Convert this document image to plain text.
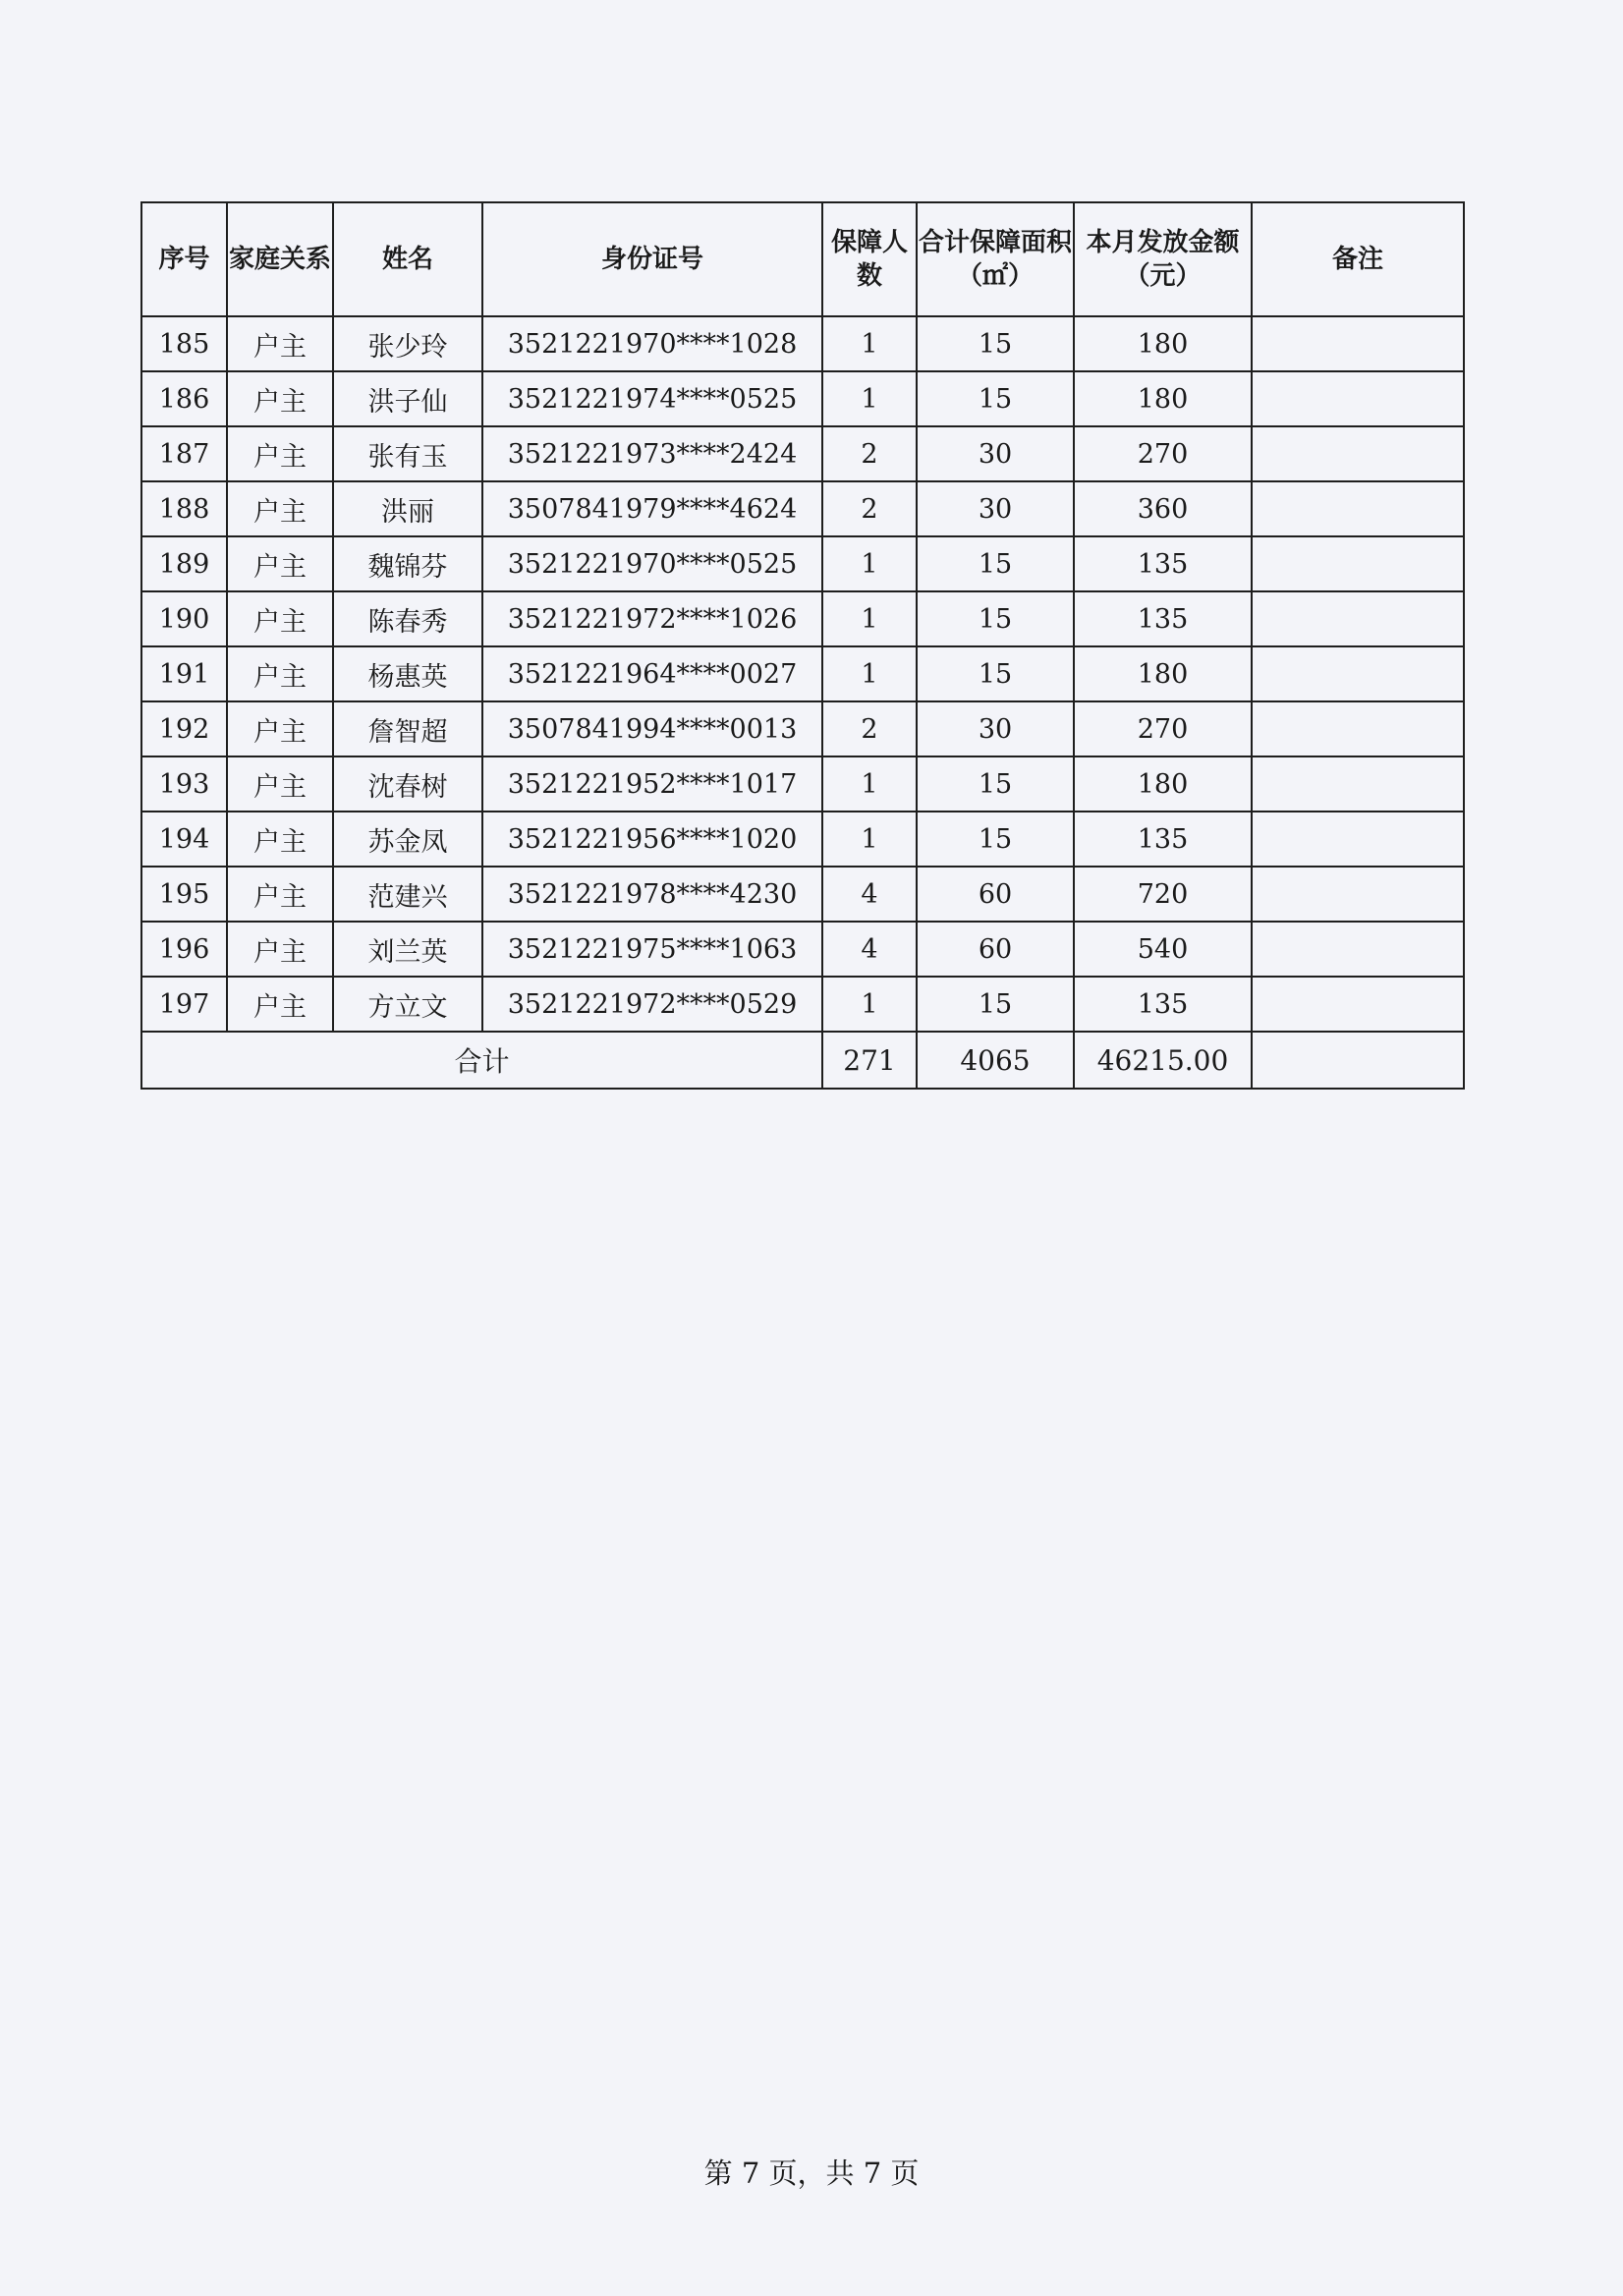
序号	家庭关系	姓名	身份证号	保障人数	合计保障面积（㎡）	本月发放金额（元）	备注
185	户主	张少玲	3521221970****1028	1	15	180	
186	户主	洪子仙	3521221974****0525	1	15	180	
187	户主	张有玉	3521221973****2424	2	30	270	
188	户主	洪丽	3507841979****4624	2	30	360	
189	户主	魏锦芬	3521221970****0525	1	15	135	
190	户主	陈春秀	3521221972****1026	1	15	135	
191	户主	杨惠英	3521221964****0027	1	15	180	
192	户主	詹智超	3507841994****0013	2	30	270	
193	户主	沈春树	3521221952****1017	1	15	180	
194	户主	苏金凤	3521221956****1020	1	15	135	
195	户主	范建兴	3521221978****4230	4	60	720	
196	户主	刘兰英	3521221975****1063	4	60	540	
197	户主	方立文	3521221972****0529	1	15	135	
合计				271	4065	46215.00	
第 7 页，共 7 页
